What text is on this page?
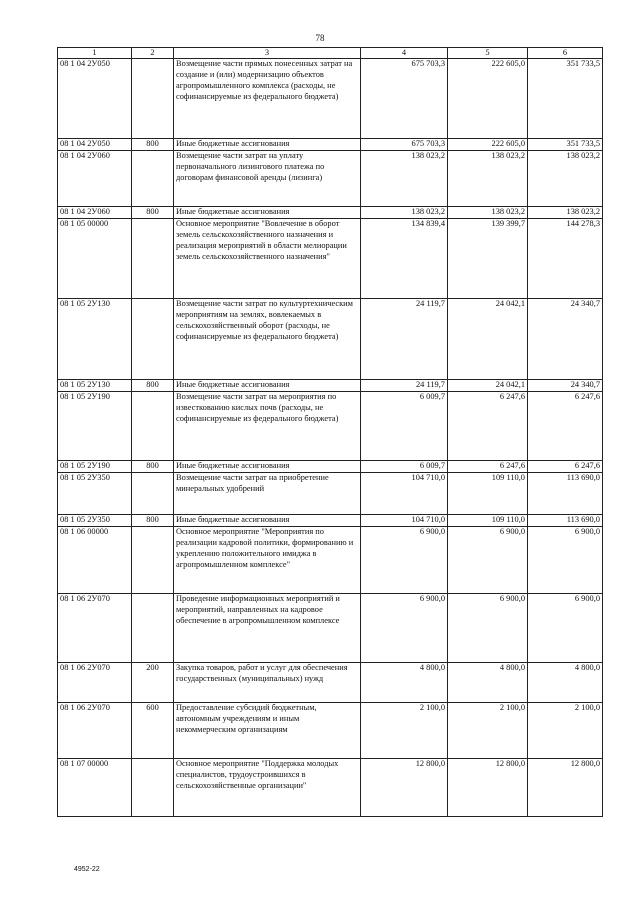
78
1	2	3	4	5	6
08 1 04 2У050		Возмещение части прямых понесенных затрат на создание и (или) модернизацию объектов агропромышленного комплекса (расходы, не софинансируемые из федерального бюджета)	675 703,3	222 605,0	351 733,5
08 1 04 2У050	800	Иные бюджетные ассигнования	675 703,3	222 605,0	351 733,5
08 1 04 2У060		Возмещение части затрат на уплату первоначального лизингового платежа по договорам финансовой аренды (лизинга)	138 023,2	138 023,2	138 023,2
08 1 04 2У060	800	Иные бюджетные ассигнования	138 023,2	138 023,2	138 023,2
08 1 05 00000		Основное мероприятие "Вовлечение в оборот земель сельскохозяйственного назначения и реализация мероприятий в области мелиорации земель сельскохозяйственного назначения"	134 839,4	139 399,7	144 278,3
08 1 05 2У130		Возмещение части затрат по культуртехническим мероприятиям на землях, вовлекаемых в сельскохозяйственный оборот (расходы, не софинансируемые из федерального бюджета)	24 119,7	24 042,1	24 340,7
08 1 05 2У130	800	Иные бюджетные ассигнования	24 119,7	24 042,1	24 340,7
08 1 05 2У190		Возмещение части затрат на мероприятия по известкованию кислых почв (расходы, не софинансируемые из федерального бюджета)	6 009,7	6 247,6	6 247,6
08 1 05 2У190	800	Иные бюджетные ассигнования	6 009,7	6 247,6	6 247,6
08 1 05 2У350		Возмещение части затрат на приобретение минеральных удобрений	104 710,0	109 110,0	113 690,0
08 1 05 2У350	800	Иные бюджетные ассигнования	104 710,0	109 110,0	113 690,0
08 1 06 00000		Основное мероприятие "Мероприятия по реализации кадровой политики, формированию и укреплению положительного имиджа в агропромышленном комплексе"	6 900,0	6 900,0	6 900,0
08 1 06 2У070		Проведение информационных мероприятий и мероприятий, направленных на кадровое обеспечение в агропромышленном комплексе	6 900,0	6 900,0	6 900,0
08 1 06 2У070	200	Закупка товаров, работ и услуг для обеспечения государственных (муниципальных) нужд	4 800,0	4 800,0	4 800,0
08 1 06 2У070	600	Предоставление субсидий бюджетным, автономным учреждениям и иным некоммерческим организациям	2 100,0	2 100,0	2 100,0
08 1 07 00000		Основное мероприятие "Поддержка молодых специалистов, трудоустроившихся в сельскохозяйственные организации"	12 800,0	12 800,0	12 800,0
4952-22
